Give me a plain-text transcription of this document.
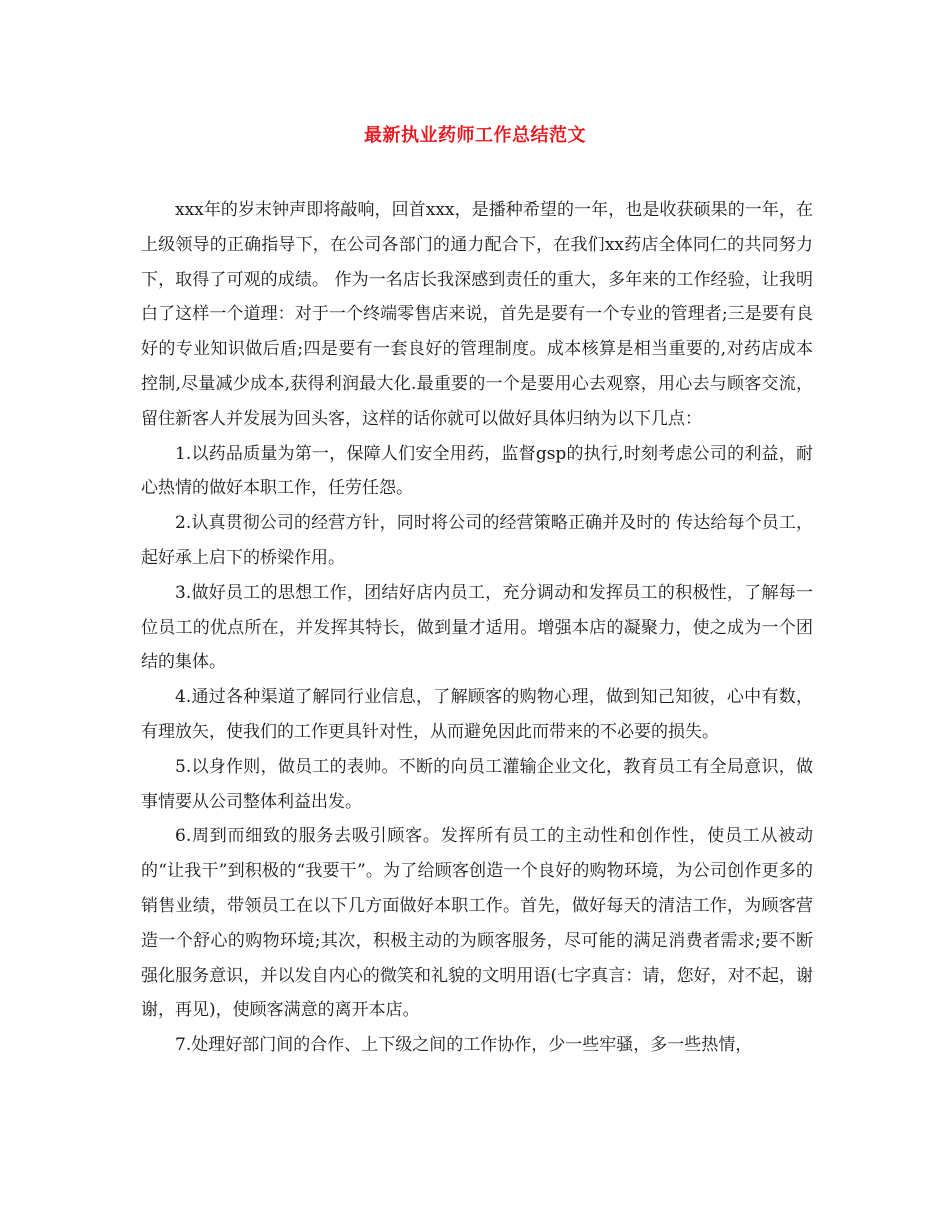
最新执业药师工作总结范文

xxx年的岁末钟声即将敲响，回首xxx，是播种希望的一年，也是收获硕果的一年，在上级领导的正确指导下，在公司各部门的通力配合下，在我们xx药店全体同仁的共同努力下，取得了可观的成绩。 作为一名店长我深感到责任的重大，多年来的工作经验，让我明白了这样一个道理：对于一个终端零售店来说，首先是要有一个专业的管理者;三是要有良好的专业知识做后盾;四是要有一套良好的管理制度。成本核算是相当重要的,对药店成本控制,尽量减少成本,获得利润最大化.最重要的一个是要用心去观察，用心去与顾客交流，留住新客人并发展为回头客，这样的话你就可以做好具体归纳为以下几点：

1.以药品质量为第一，保障人们安全用药，监督gsp的执行,时刻考虑公司的利益，耐心热情的做好本职工作，任劳任怨。

2.认真贯彻公司的经营方针，同时将公司的经营策略正确并及时的 传达给每个员工，起好承上启下的桥梁作用。

3.做好员工的思想工作，团结好店内员工，充分调动和发挥员工的积极性，了解每一位员工的优点所在，并发挥其特长，做到量才适用。增强本店的凝聚力，使之成为一个团结的集体。

4.通过各种渠道了解同行业信息，了解顾客的购物心理，做到知己知彼，心中有数，有理放矢，使我们的工作更具针对性，从而避免因此而带来的不必要的损失。

5.以身作则，做员工的表帅。不断的向员工灌输企业文化，教育员工有全局意识，做事情要从公司整体利益出发。

6.周到而细致的服务去吸引顾客。发挥所有员工的主动性和创作性，使员工从被动的“让我干”到积极的“我要干”。为了给顾客创造一个良好的购物环境，为公司创作更多的销售业绩，带领员工在以下几方面做好本职工作。首先，做好每天的清洁工作，为顾客营造一个舒心的购物环境;其次，积极主动的为顾客服务，尽可能的满足消费者需求;要不断强化服务意识，并以发自内心的微笑和礼貌的文明用语(七字真言：请，您好，对不起，谢谢，再见)，使顾客满意的离开本店。

7.处理好部门间的合作、上下级之间的工作协作，少一些牢骚，多一些热情，
